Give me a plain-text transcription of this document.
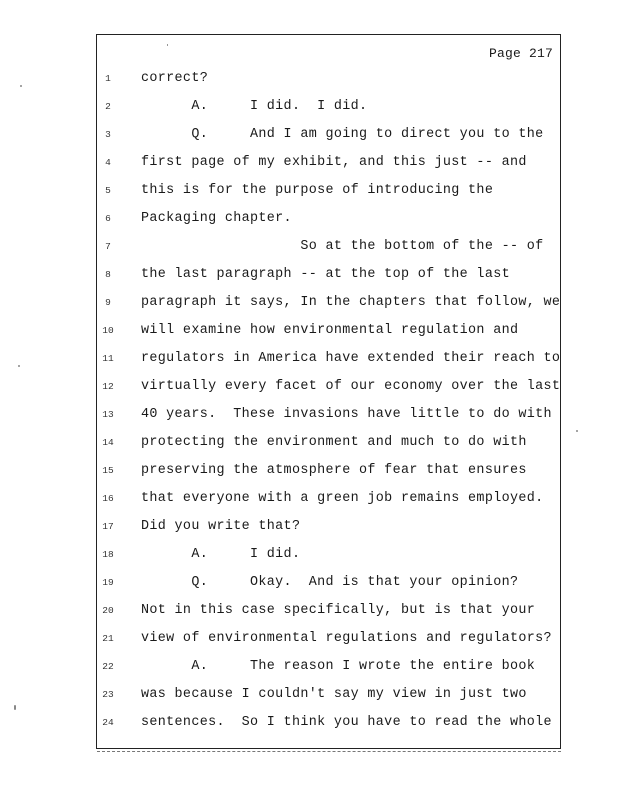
Page 217
1	correct?
2	A.     I did.  I did.
3	Q.     And I am going to direct you to the
4	first page of my exhibit, and this just -- and
5	this is for the purpose of introducing the
6	Packaging chapter.
7	So at the bottom of the -- of
8	the last paragraph -- at the top of the last
9	paragraph it says, In the chapters that follow, we
10	will examine how environmental regulation and
11	regulators in America have extended their reach to
12	virtually every facet of our economy over the last
13	40 years.  These invasions have little to do with
14	protecting the environment and much to do with
15	preserving the atmosphere of fear that ensures
16	that everyone with a green job remains employed.
17	Did you write that?
18	A.     I did.
19	Q.     Okay.  And is that your opinion?
20	Not in this case specifically, but is that your
21	view of environmental regulations and regulators?
22	A.     The reason I wrote the entire book
23	was because I couldn't say my view in just two
24	sentences.  So I think you have to read the whole
